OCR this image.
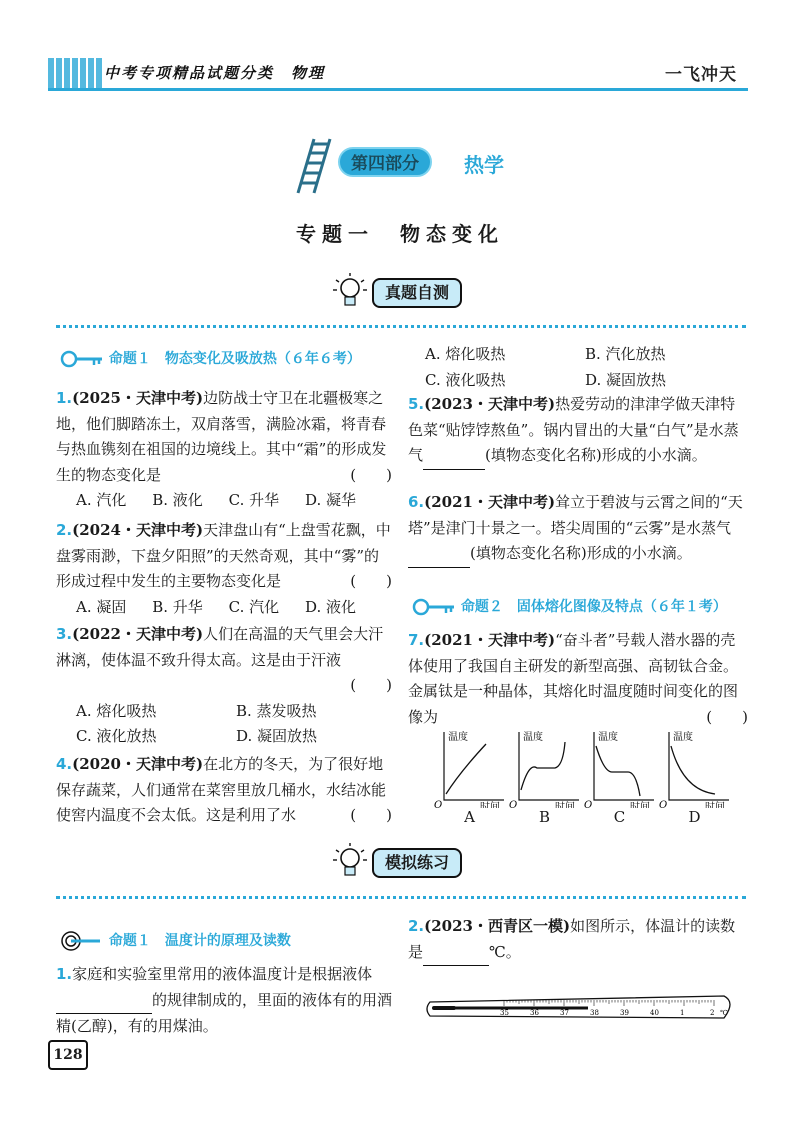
中考专项精品试题分类　物理	一飞冲天
第四部分	热学
专题一　物态变化
真题自测
命题１　物态变化及吸放热（６年６考）
1.(2025・天津中考)边防战士守卫在北疆极寒之地，他们脚踏冻土，双肩落雪，满脸冰霜，将青春与热血镌刻在祖国的边境线上。其中“霜”的形成发生的物态变化是	(　　)
A. 汽化 B. 液化 C. 升华 D. 凝华
2.(2024・天津中考)天津盘山有“上盘雪花飘，中盘雾雨渺，下盘夕阳照”的天然奇观，其中“雾”的形成过程中发生的主要物态变化是	(　　)
A. 凝固 B. 升华 C. 汽化 D. 液化
3.(2022・天津中考)人们在高温的天气里会大汗淋漓，使体温不致升得太高。这是由于汗液
(　　)
A. 熔化吸热	B. 蒸发吸热
C. 液化放热	D. 凝固放热
4.(2020・天津中考)在北方的冬天，为了很好地保存蔬菜，人们通常在菜窖里放几桶水，水结冰能使窖内温度不会太低。这是利用了水	(　　)
A. 熔化吸热	B. 汽化放热
C. 液化吸热	D. 凝固放热
5.(2023・天津中考)热爱劳动的津津学做天津特色菜“贴饽饽熬鱼”。锅内冒出的大量“白气”是水蒸气	(填物态变化名称)形成的小水滴。
6.(2021・天津中考)耸立于碧波与云霄之间的“天塔”是津门十景之一。塔尖周围的“云雾”是水蒸气 (填物态变化名称)形成的小水滴。
命题２　固体熔化图像及特点（６年１考）
7.(2021・天津中考)“奋斗者”号载人潜水器的壳体使用了我国自主研发的新型高强、高韧钛合金。金属钛是一种晶体，其熔化时温度随时间变化的图像为	(　　)
温度
时间
O
温度
时间
O
温度
时间
O
温度
时间
O
A	B	C	D
模拟练习
命题１　温度计的原理及读数
1.家庭和实验室里常用的液体温度计是根据液体 的规律制成的，里面的液体有的用酒精(乙醇)，有的用煤油。
2.(2023・西青区一模)如图所示，体温计的读数是	℃。
35	36	37	38	39	40	1	2 ℃
128
